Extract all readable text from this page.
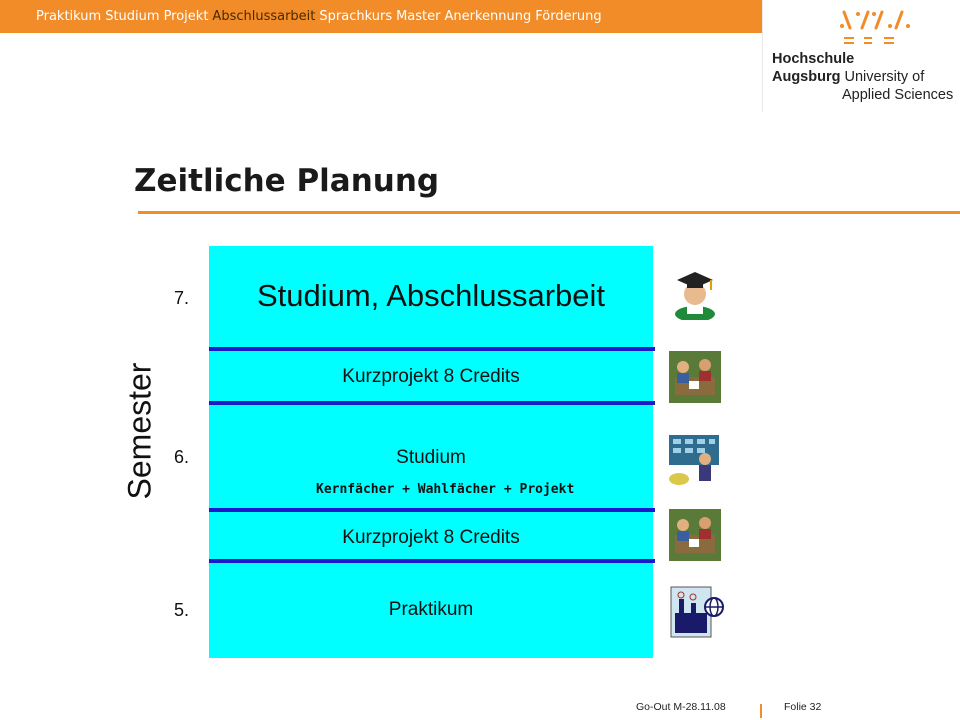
Praktikum Studium Projekt Abschlussarbeit Sprachkurs Master Anerkennung Förderung
Hochschule
Augsburg University of
Applied Sciences
Zeitliche Planung
Semester
7.
6.
5.
Studium, Abschlussarbeit
Kurzprojekt 8 Credits
Studium
Kernfächer + Wahlfächer + Projekt
Kurzprojekt 8 Credits
Praktikum
Go-Out M-28.11.08	Folie 32
